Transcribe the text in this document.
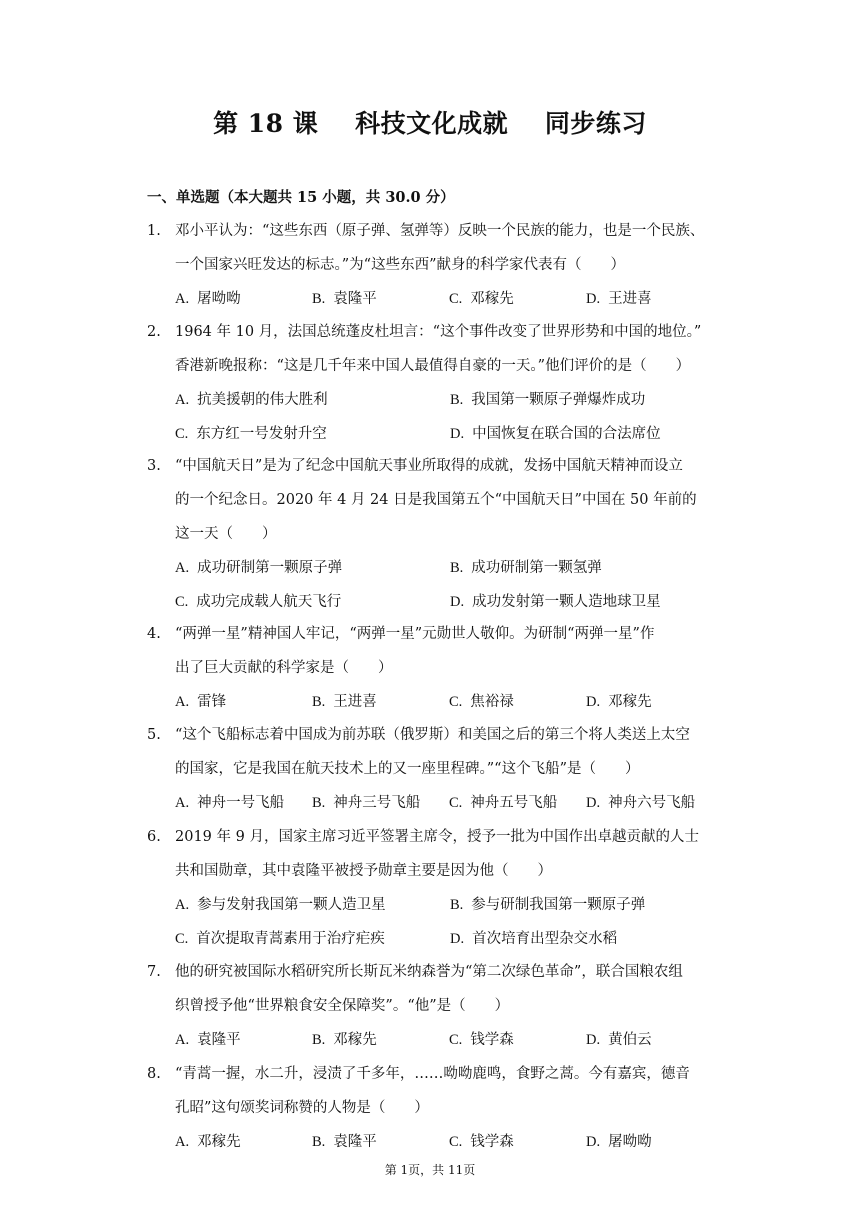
第 18 课    科技文化成就    同步练习
一、单选题（本大题共 15 小题，共 30.0 分）
1. 邓小平认为：“这些东西（原子弹、氢弹等）反映一个民族的能力，也是一个民族、

一个国家兴旺发达的标志。”为“这些东西”献身的科学家代表有（　　）

A. 屠呦呦	B. 袁隆平	C. 邓稼先	D. 王进喜
2. 1964 年 10 月，法国总统蓬皮杜坦言：“这个事件改变了世界形势和中国的地位。”

香港新晚报称：“这是几千年来中国人最值得自豪的一天。”他们评价的是（　　）

A. 抗美援朝的伟大胜利	B. 我国第一颗原子弹爆炸成功
C. 东方红一号发射升空	D. 中国恢复在联合国的合法席位
3. “中国航天日”是为了纪念中国航天事业所取得的成就，发扬中国航天精神而设立

的一个纪念日。2020 年 4 月 24 日是我国第五个“中国航天日”中国在 50 年前的

这一天（　　）

A. 成功研制第一颗原子弹	B. 成功研制第一颗氢弹
C. 成功完成载人航天飞行	D. 成功发射第一颗人造地球卫星
4. “两弹一星”精神国人牢记，“两弹一星”元勋世人敬仰。为研制“两弹一星”作

出了巨大贡献的科学家是（　　）

A. 雷锋	B. 王进喜	C. 焦裕禄	D. 邓稼先
5. “这个飞船标志着中国成为前苏联（俄罗斯）和美国之后的第三个将人类送上太空

的国家，它是我国在航天技术上的又一座里程碑。”“这个飞船”是（　　）

A. 神舟一号飞船	B. 神舟三号飞船	C. 神舟五号飞船	D. 神舟六号飞船
6. 2019 年 9 月，国家主席习近平签署主席令，授予一批为中国作出卓越贡献的人士

共和国勋章，其中袁隆平被授予勋章主要是因为他（　　）

A. 参与发射我国第一颗人造卫星	B. 参与研制我国第一颗原子弹
C. 首次提取青蒿素用于治疗疟疾	D. 首次培育出型杂交水稻
7. 他的研究被国际水稻研究所长斯瓦米纳森誉为“第二次绿色革命”，联合国粮农组

织曾授予他“世界粮食安全保障奖”。“他”是（　　）

A. 袁隆平	B. 邓稼先	C. 钱学森	D. 黄伯云
8. “青蒿一握，水二升，浸渍了千多年，……呦呦鹿鸣，食野之蒿。今有嘉宾，德音

孔昭”这句颂奖词称赞的人物是（　　）

A. 邓稼先	B. 袁隆平	C. 钱学森	D. 屠呦呦
第 1页，共 11页
